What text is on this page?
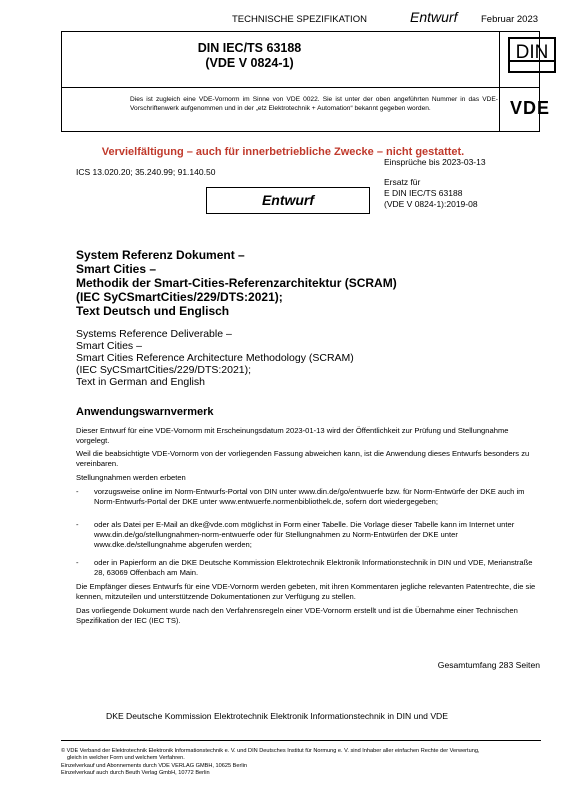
TECHNISCHE SPEZIFIKATION	Entwurf Februar 2023
DIN IEC/TS 63188
(VDE V 0824-1)
Dies ist zugleich eine VDE-Vornorm im Sinne von VDE 0022. Sie ist unter der oben angeführten Nummer in das VDE-Vorschriftenwerk aufgenommen und in der „etz Elektrotechnik + Automation“ bekannt gegeben worden.
DIN
VDE
Vervielfältigung – auch für innerbetriebliche Zwecke – nicht gestattet.
Einsprüche bis 2023-03-13
ICS 13.020.20; 35.240.99; 91.140.50
Ersatz für
E DIN IEC/TS 63188
(VDE V 0824-1):2019-08
Entwurf
System Referenz Dokument –
Smart Cities –
Methodik der Smart-Cities-Referenzarchitektur (SCRAM)
(IEC SyCSmartCities/229/DTS:2021);
Text Deutsch und Englisch
Systems Reference Deliverable –
Smart Cities –
Smart Cities Reference Architecture Methodology (SCRAM)
(IEC SyCSmartCities/229/DTS:2021);
Text in German and English
Anwendungswarnvermerk
Dieser Entwurf für eine VDE-Vornorm mit Erscheinungsdatum 2023-01-13 wird der Öffentlichkeit zur Prüfung und Stellungnahme vorgelegt.
Weil die beabsichtigte VDE-Vornorm von der vorliegenden Fassung abweichen kann, ist die Anwendung dieses Entwurfs besonders zu vereinbaren.
Stellungnahmen werden erbeten
- vorzugsweise online im Norm-Entwurfs-Portal von DIN unter www.din.de/go/entwuerfe bzw. für Norm-Entwürfe der DKE auch im Norm-Entwurfs-Portal der DKE unter www.entwuerfe.normenbibliothek.de, sofern dort wiedergegeben;
- oder als Datei per E-Mail an dke@vde.com möglichst in Form einer Tabelle. Die Vorlage dieser Tabelle kann im Internet unter www.din.de/go/stellungnahmen-norm-entwuerfe oder für Stellungnahmen zu Norm-Entwürfen der DKE unter www.dke.de/stellungnahme abgerufen werden;
- oder in Papierform an die DKE Deutsche Kommission Elektrotechnik Elektronik Informationstechnik in DIN und VDE, Merianstraße 28, 63069 Offenbach am Main.
Die Empfänger dieses Entwurfs für eine VDE-Vornorm werden gebeten, mit ihren Kommentaren jegliche relevanten Patentrechte, die sie kennen, mitzuteilen und unterstützende Dokumentationen zur Verfügung zu stellen.
Das vorliegende Dokument wurde nach den Verfahrensregeln einer VDE-Vornorm erstellt und ist die Übernahme einer Technischen Spezifikation der IEC (IEC TS).
Gesamtumfang 283 Seiten
DKE Deutsche Kommission Elektrotechnik Elektronik Informationstechnik in DIN und VDE
© VDE Verband der Elektrotechnik Elektronik Informationstechnik e. V. und DIN Deutsches Institut für Normung e. V. sind Inhaber aller einfachen Rechte der Verwertung,
gleich in welcher Form und welchem Verfahren.
Einzelverkauf und Abonnements durch VDE VERLAG GMBH, 10625 Berlin
Einzelverkauf auch durch Beuth Verlag GmbH, 10772 Berlin
